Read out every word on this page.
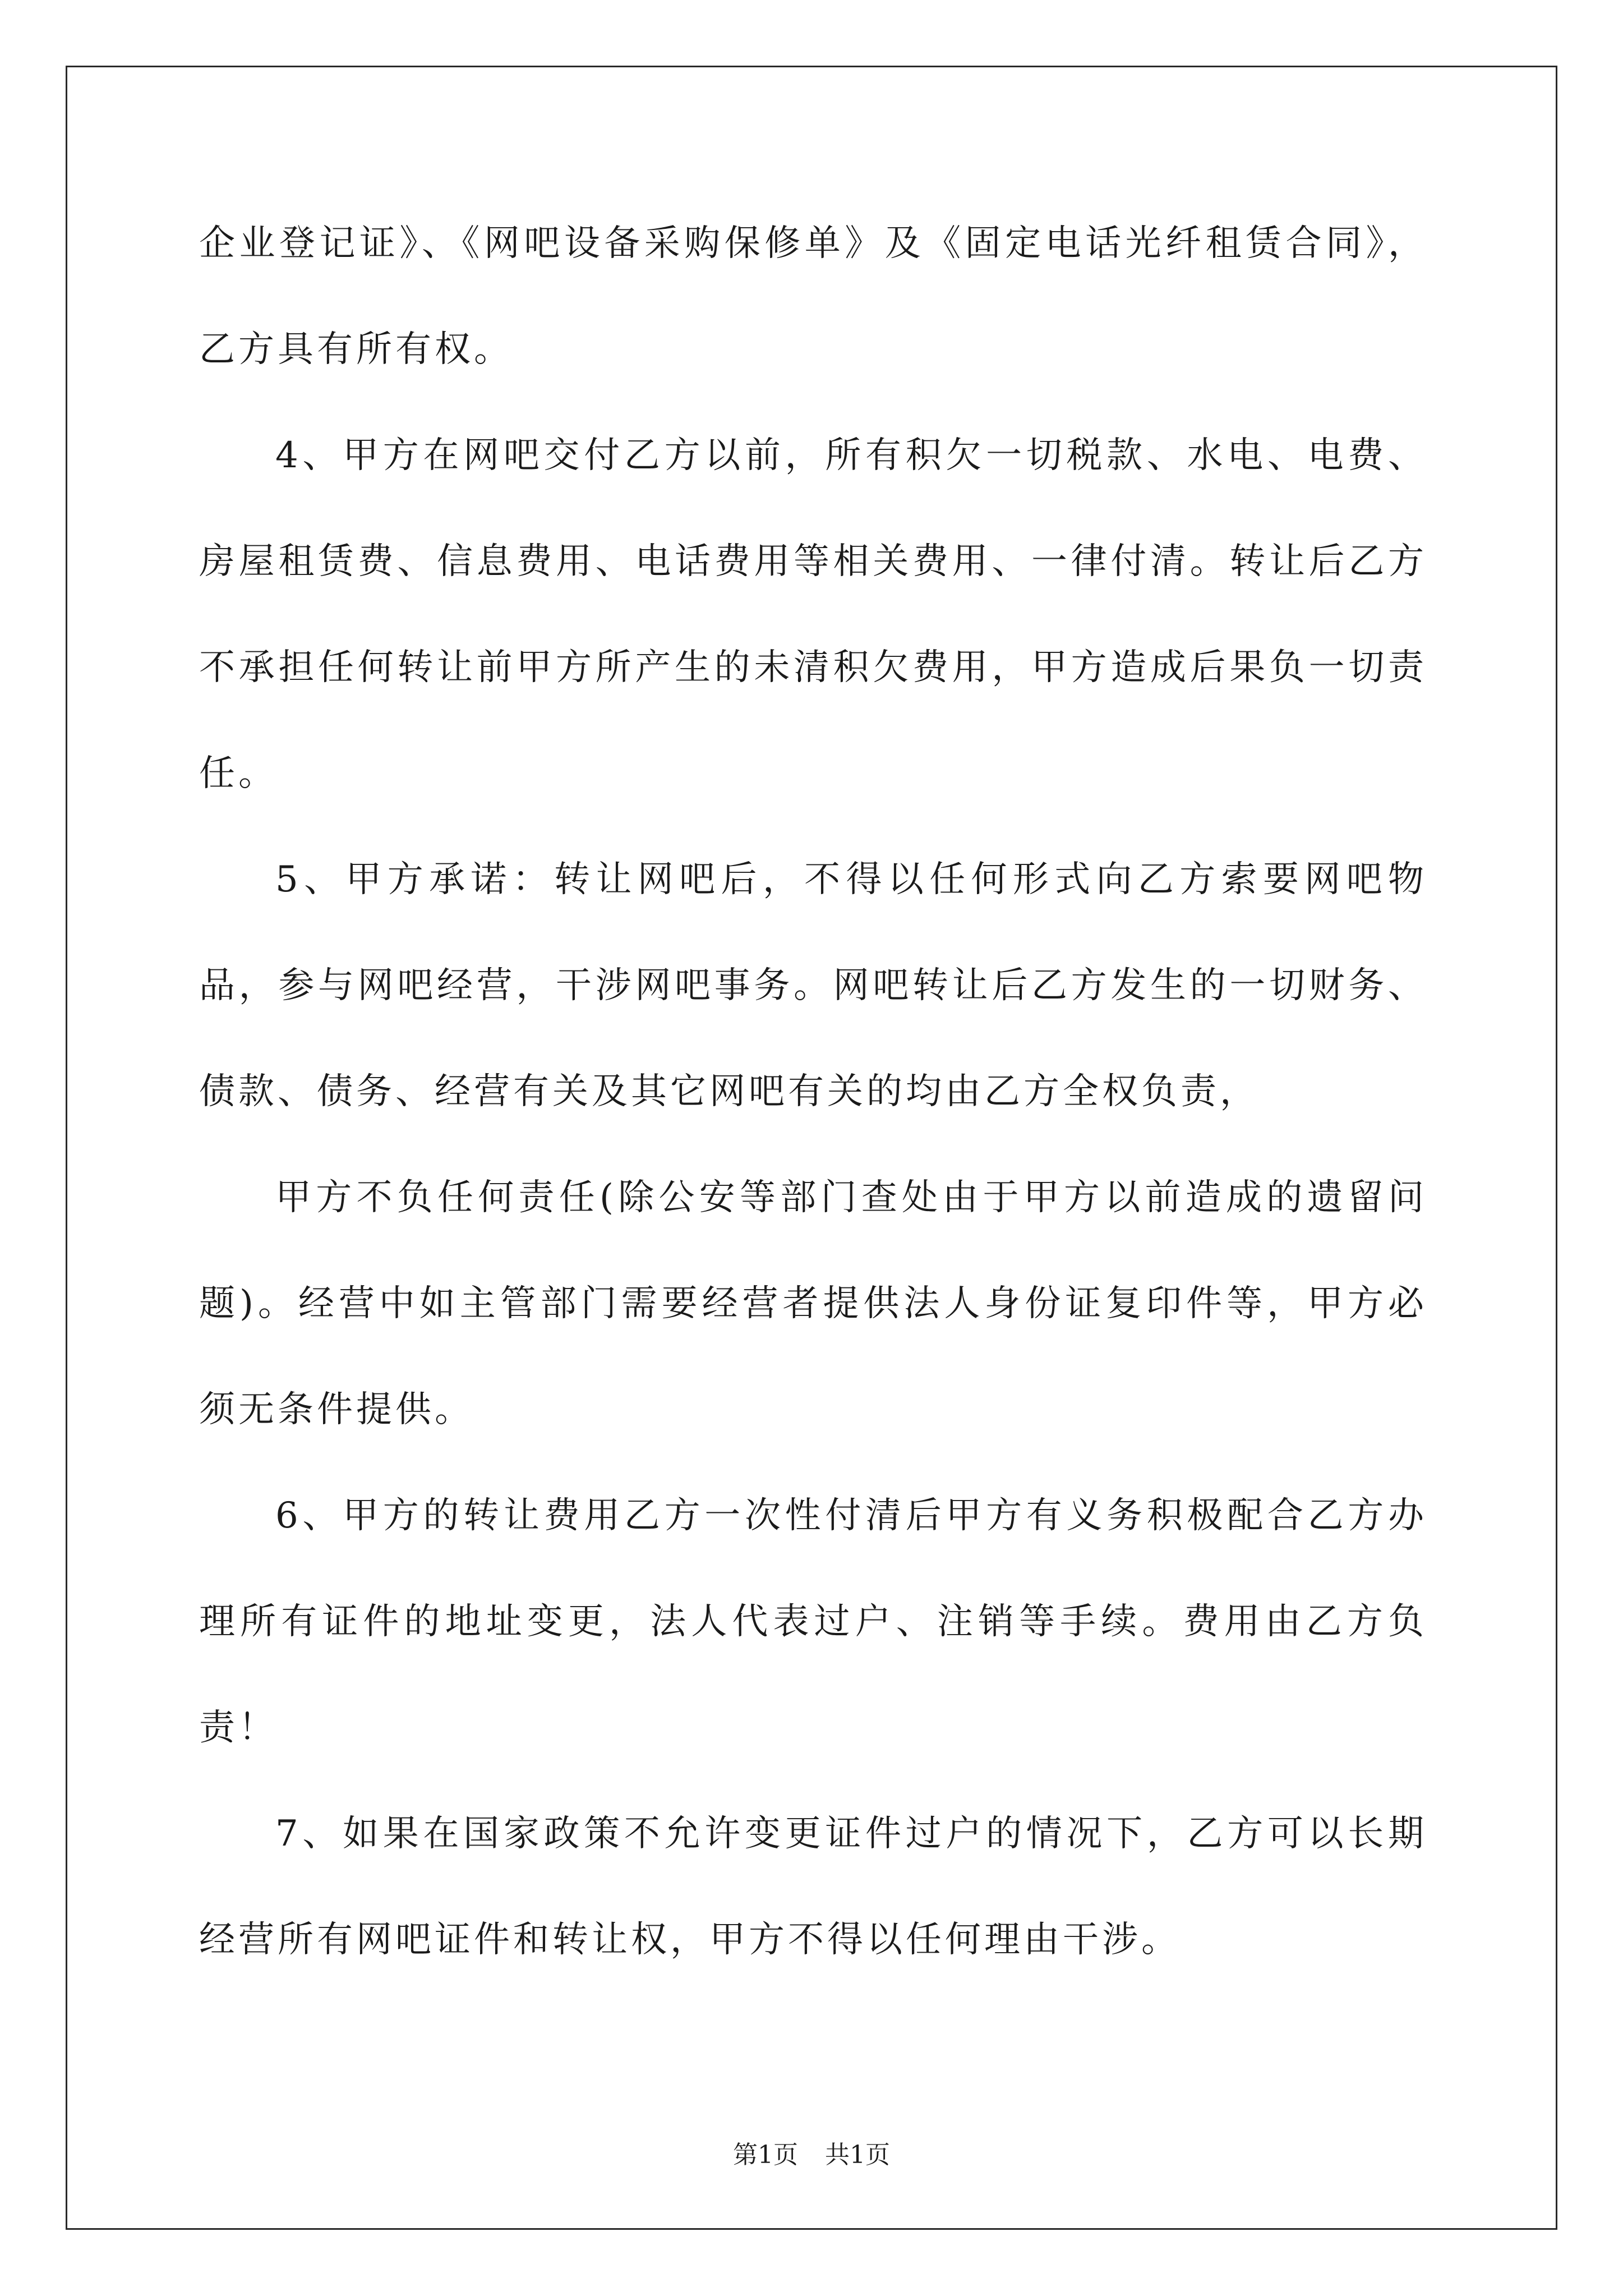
企业登记证》、《网吧设备采购保修单》及《固定电话光纤租赁合同》，乙方具有所有权。

4、甲方在网吧交付乙方以前，所有积欠一切税款、水电、电费、房屋租赁费、信息费用、电话费用等相关费用、一律付清。转让后乙方不承担任何转让前甲方所产生的未清积欠费用，甲方造成后果负一切责任。

5、甲方承诺：转让网吧后，不得以任何形式向乙方索要网吧物品，参与网吧经营，干涉网吧事务。网吧转让后乙方发生的一切财务、债款、债务、经营有关及其它网吧有关的均由乙方全权负责，

甲方不负任何责任(除公安等部门查处由于甲方以前造成的遗留问题)。经营中如主管部门需要经营者提供法人身份证复印件等，甲方必须无条件提供。

6、甲方的转让费用乙方一次性付清后甲方有义务积极配合乙方办理所有证件的地址变更，法人代表过户、注销等手续。费用由乙方负责！

7、如果在国家政策不允许变更证件过户的情况下，乙方可以长期经营所有网吧证件和转让权，甲方不得以任何理由干涉。

第1页 共1页
